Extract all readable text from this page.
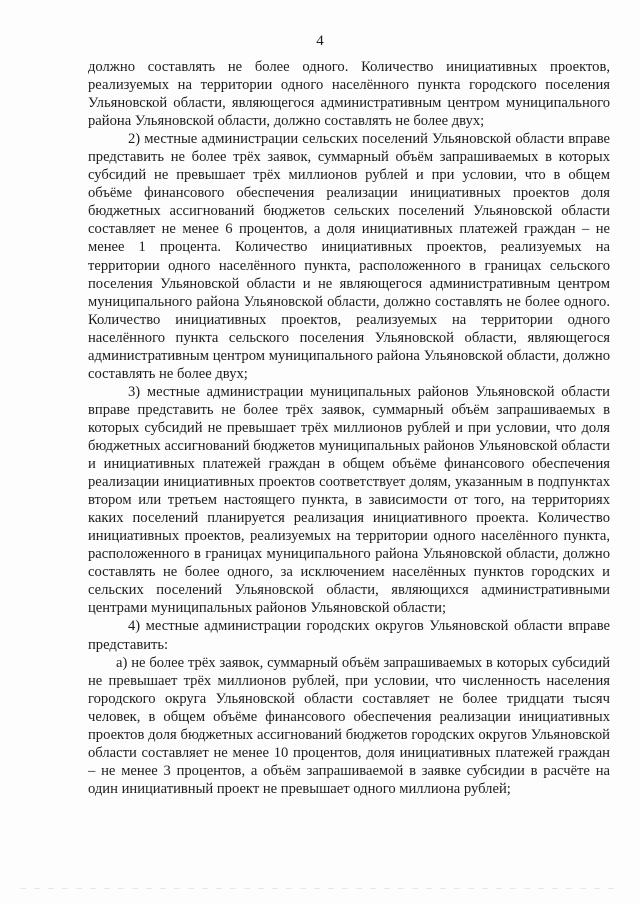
4

должно составлять не более одного. Количество инициативных проектов, реализуемых на территории одного населённого пункта городского поселения Ульяновской области, являющегося административным центром муниципального района Ульяновской области, должно составлять не более двух;

2) местные администрации сельских поселений Ульяновской области вправе представить не более трёх заявок, суммарный объём запрашиваемых в которых субсидий не превышает трёх миллионов рублей и при условии, что в общем объёме финансового обеспечения реализации инициативных проектов доля бюджетных ассигнований бюджетов сельских поселений Ульяновской области составляет не менее 6 процентов, а доля инициативных платежей граждан – не менее 1 процента. Количество инициативных проектов, реализуемых на территории одного населённого пункта, расположенного в границах сельского поселения Ульяновской области и не являющегося административным центром муниципального района Ульяновской области, должно составлять не более одного. Количество инициативных проектов, реализуемых на территории одного населённого пункта сельского поселения Ульяновской области, являющегося административным центром муниципального района Ульяновской области, должно составлять не более двух;

3) местные администрации муниципальных районов Ульяновской области вправе представить не более трёх заявок, суммарный объём запрашиваемых в которых субсидий не превышает трёх миллионов рублей и при условии, что доля бюджетных ассигнований бюджетов муниципальных районов Ульяновской области и инициативных платежей граждан в общем объёме финансового обеспечения реализации инициативных проектов соответствует долям, указанным в подпунктах втором или третьем настоящего пункта, в зависимости от того, на территориях каких поселений планируется реализация инициативного проекта. Количество инициативных проектов, реализуемых на территории одного населённого пункта, расположенного в границах муниципального района Ульяновской области, должно составлять не более одного, за исключением населённых пунктов городских и сельских поселений Ульяновской области, являющихся административными центрами муниципальных районов Ульяновской области;

4) местные администрации городских округов Ульяновской области вправе представить:

а) не более трёх заявок, суммарный объём запрашиваемых в которых субсидий не превышает трёх миллионов рублей, при условии, что численность населения городского округа Ульяновской области составляет не более тридцати тысяч человек, в общем объёме финансового обеспечения реализации инициативных проектов доля бюджетных ассигнований бюджетов городских округов Ульяновской области составляет не менее 10 процентов, доля инициативных платежей граждан – не менее 3 процентов, а объём запрашиваемой в заявке субсидии в расчёте на один инициативный проект не превышает одного миллиона рублей;
